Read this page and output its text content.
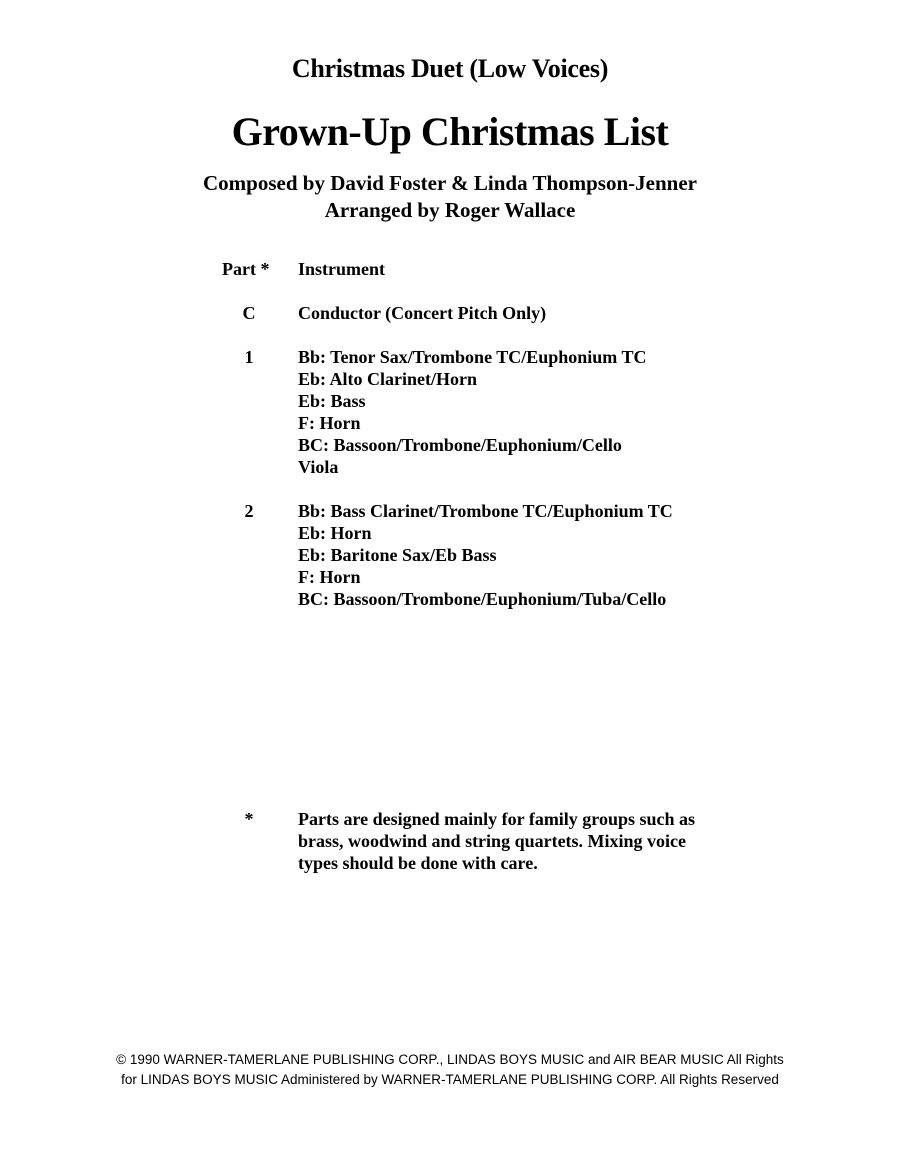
Christmas Duet (Low Voices)
Grown-Up Christmas List
Composed by David Foster & Linda Thompson-Jenner
Arranged by Roger Wallace
Part *	Instrument
C	Conductor (Concert Pitch Only)
1	Bb: Tenor Sax/Trombone TC/Euphonium TC
Eb: Alto Clarinet/Horn
Eb: Bass
F: Horn
BC: Bassoon/Trombone/Euphonium/Cello
Viola
2	Bb: Bass Clarinet/Trombone TC/Euphonium TC
Eb: Horn
Eb: Baritone Sax/Eb Bass
F: Horn
BC: Bassoon/Trombone/Euphonium/Tuba/Cello
*	Parts are designed mainly for family groups such as
brass, woodwind and string quartets. Mixing voice
types should be done with care.
© 1990 WARNER-TAMERLANE PUBLISHING CORP., LINDAS BOYS MUSIC and AIR BEAR MUSIC All Rights
for LINDAS BOYS MUSIC Administered by WARNER-TAMERLANE PUBLISHING CORP. All Rights Reserved
